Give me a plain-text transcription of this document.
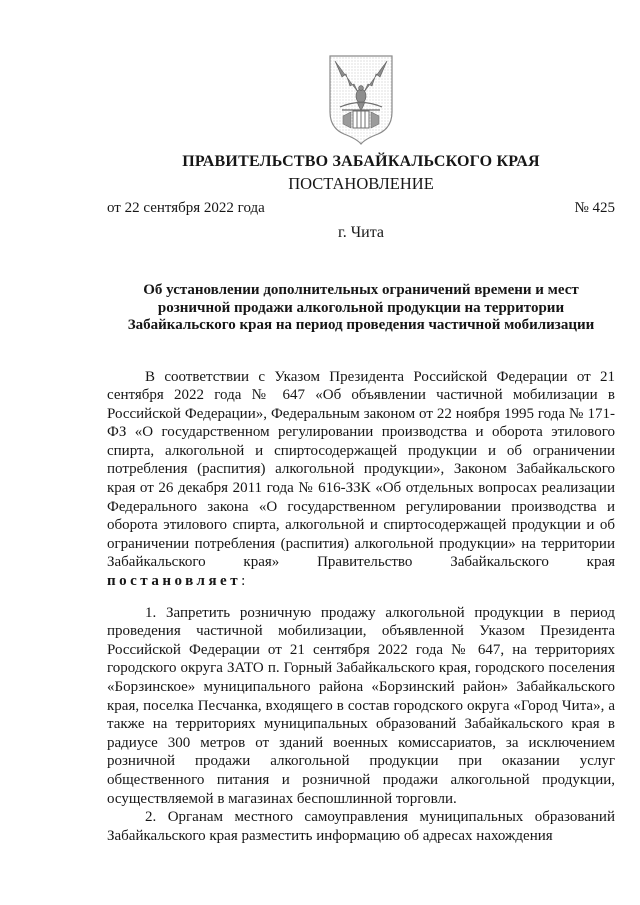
ПРАВИТЕЛЬСТВО ЗАБАЙКАЛЬСКОГО КРАЯ
ПОСТАНОВЛЕНИЕ
от 22 сентября 2022 года	№ 425
г. Чита
Об установлении дополнительных ограничений времени и мест розничной продажи алкогольной продукции на территории Забайкальского края на период проведения частичной мобилизации

В соответствии с Указом Президента Российской Федерации от 21 сентября 2022 года № 647 «Об объявлении частичной мобилизации в Российской Федерации», Федеральным законом от 22 ноября 1995 года № 171-ФЗ «О государственном регулировании производства и оборота этилового спирта, алкогольной и спиртосодержащей продукции и об ограничении потребления (распития) алкогольной продукции», Законом Забайкальского края от 26 декабря 2011 года № 616-ЗЗК «Об отдельных вопросах реализации Федерального закона «О государственном регулировании производства и оборота этилового спирта, алкогольной и спиртосодержащей продукции и об ограничении потребления (распития) алкогольной продукции» на территории Забайкальского края» Правительство Забайкальского края постановляет:

1. Запретить розничную продажу алкогольной продукции в период проведения частичной мобилизации, объявленной Указом Президента Российской Федерации от 21 сентября 2022 года № 647, на территориях городского округа ЗАТО п. Горный Забайкальского края, городского поселения «Борзинское» муниципального района «Борзинский район» Забайкальского края, поселка Песчанка, входящего в состав городского округа «Город Чита», а также на территориях муниципальных образований Забайкальского края в радиусе 300 метров от зданий военных комиссариатов, за исключением розничной продажи алкогольной продукции при оказании услуг общественного питания и розничной продажи алкогольной продукции, осуществляемой в магазинах беспошлинной торговли.

2. Органам местного самоуправления муниципальных образований Забайкальского края разместить информацию об адресах нахождения
